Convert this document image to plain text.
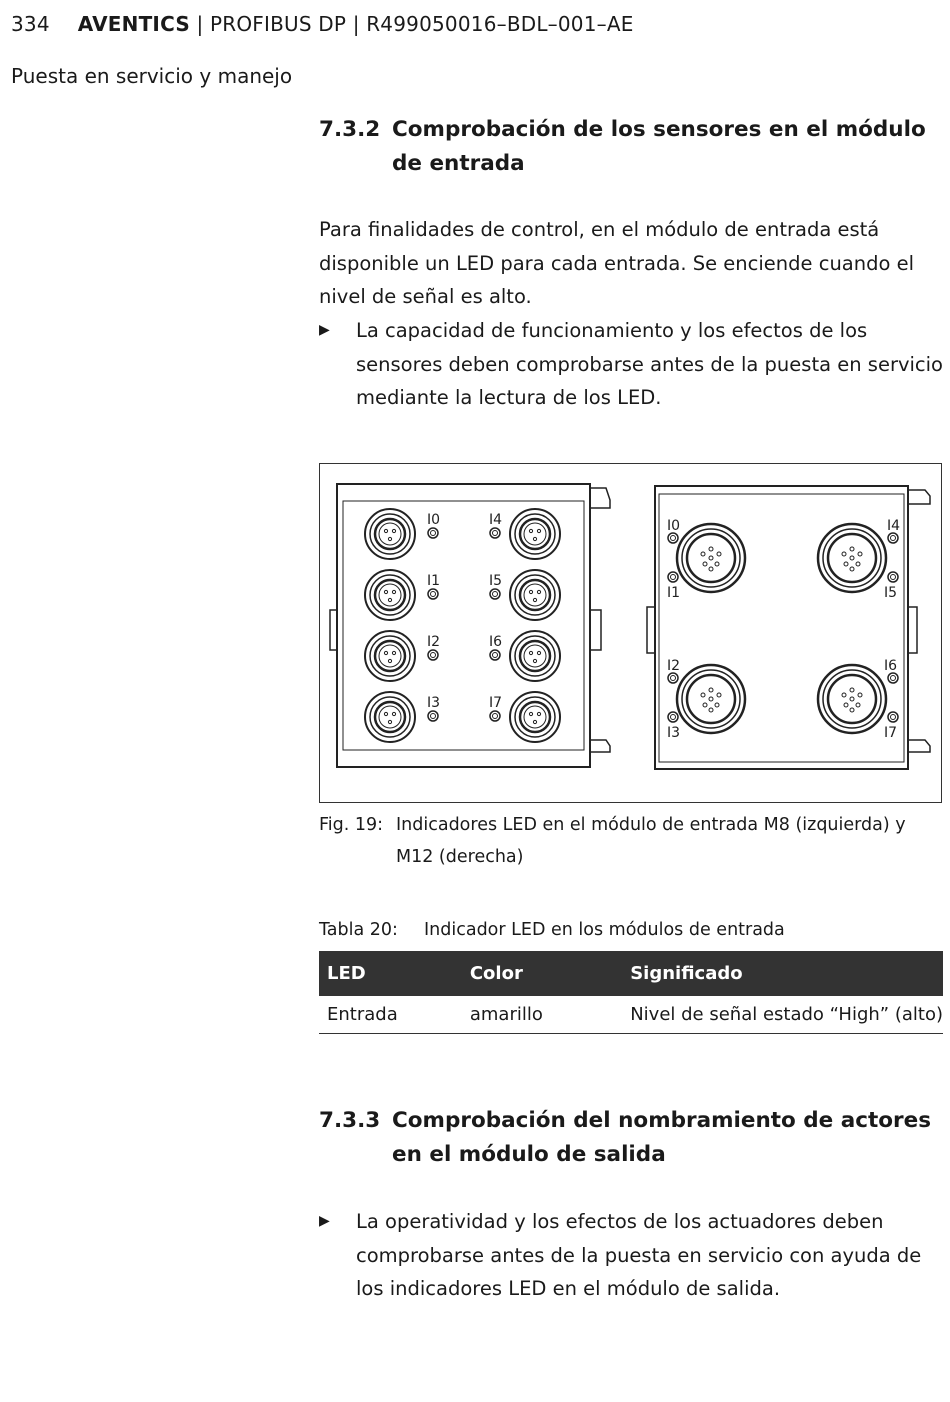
334 AVENTICS | PROFIBUS DP | R499050016–BDL–001–AE
Puesta en servicio y manejo
7.3.2 Comprobación de los sensores en el módulo de entrada
Para finalidades de control, en el módulo de entrada está disponible un LED para cada entrada. Se enciende cuando el nivel de señal es alto.
▶ La capacidad de funcionamiento y los efectos de los sensores deben comprobarse antes de la puesta en servicio mediante la lectura de los LED.
I0
I1
I2
I3
I4
I5
I6
I7
I0
I1
I4
I5
I2
I3
I6
I7
Fig. 19: Indicadores LED en el módulo de entrada M8 (izquierda) y M12 (derecha)
Tabla 20: Indicador LED en los módulos de entrada
LED	Color	Significado
Entrada	amarillo	Nivel de señal estado “High” (alto)
7.3.3 Comprobación del nombramiento de actores en el módulo de salida
▶ La operatividad y los efectos de los actuadores deben comprobarse antes de la puesta en servicio con ayuda de los indicadores LED en el módulo de salida.
